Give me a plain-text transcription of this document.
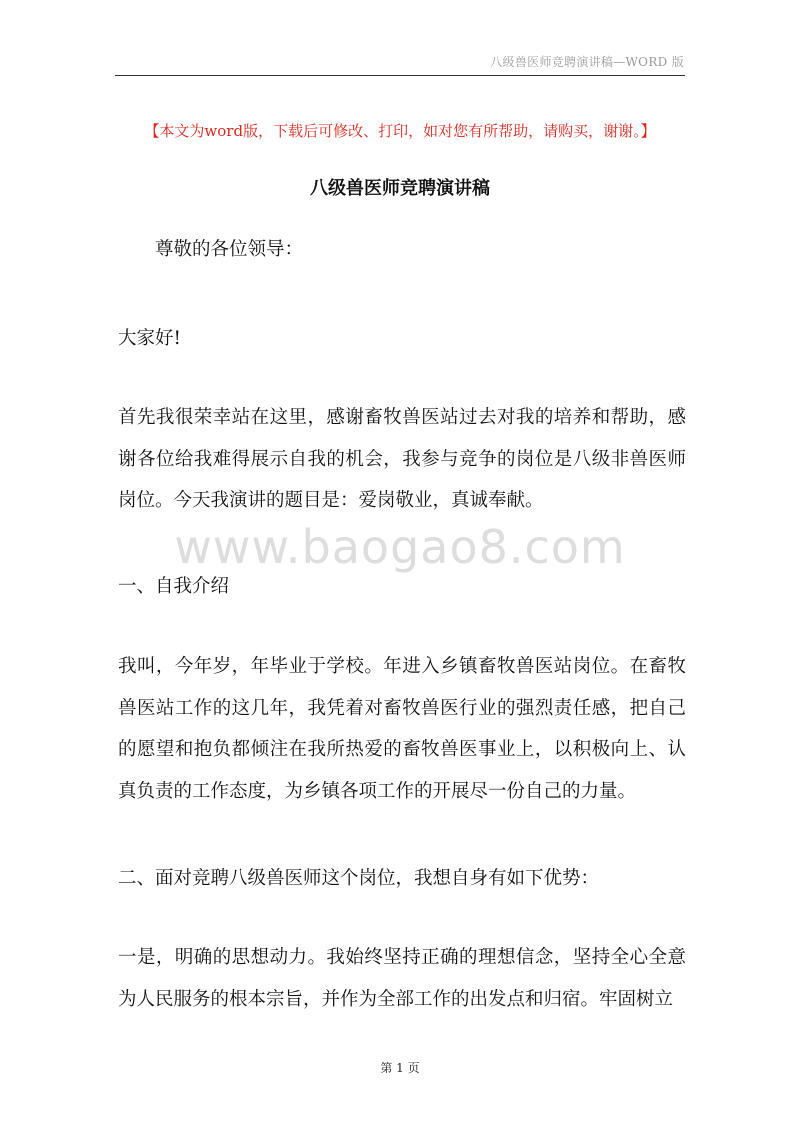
八级兽医师竞聘演讲稿—WORD 版
【本文为word版，下载后可修改、打印，如对您有所帮助，请购买，谢谢。】
八级兽医师竞聘演讲稿
www.baogao8.com
尊敬的各位领导：
大家好!
首先我很荣幸站在这里，感谢畜牧兽医站过去对我的培养和帮助，感谢各位给我难得展示自我的机会，我参与竞争的岗位是八级非兽医师岗位。今天我演讲的题目是：爱岗敬业，真诚奉献。
一、自我介绍
我叫，今年岁，年毕业于学校。年进入乡镇畜牧兽医站岗位。在畜牧兽医站工作的这几年，我凭着对畜牧兽医行业的强烈责任感，把自己的愿望和抱负都倾注在我所热爱的畜牧兽医事业上，以积极向上、认真负责的工作态度，为乡镇各项工作的开展尽一份自己的力量。
二、面对竞聘八级兽医师这个岗位，我想自身有如下优势：
一是，明确的思想动力。我始终坚持正确的理想信念，坚持全心全意为人民服务的根本宗旨，并作为全部工作的出发点和归宿。牢固树立
第 1 页
